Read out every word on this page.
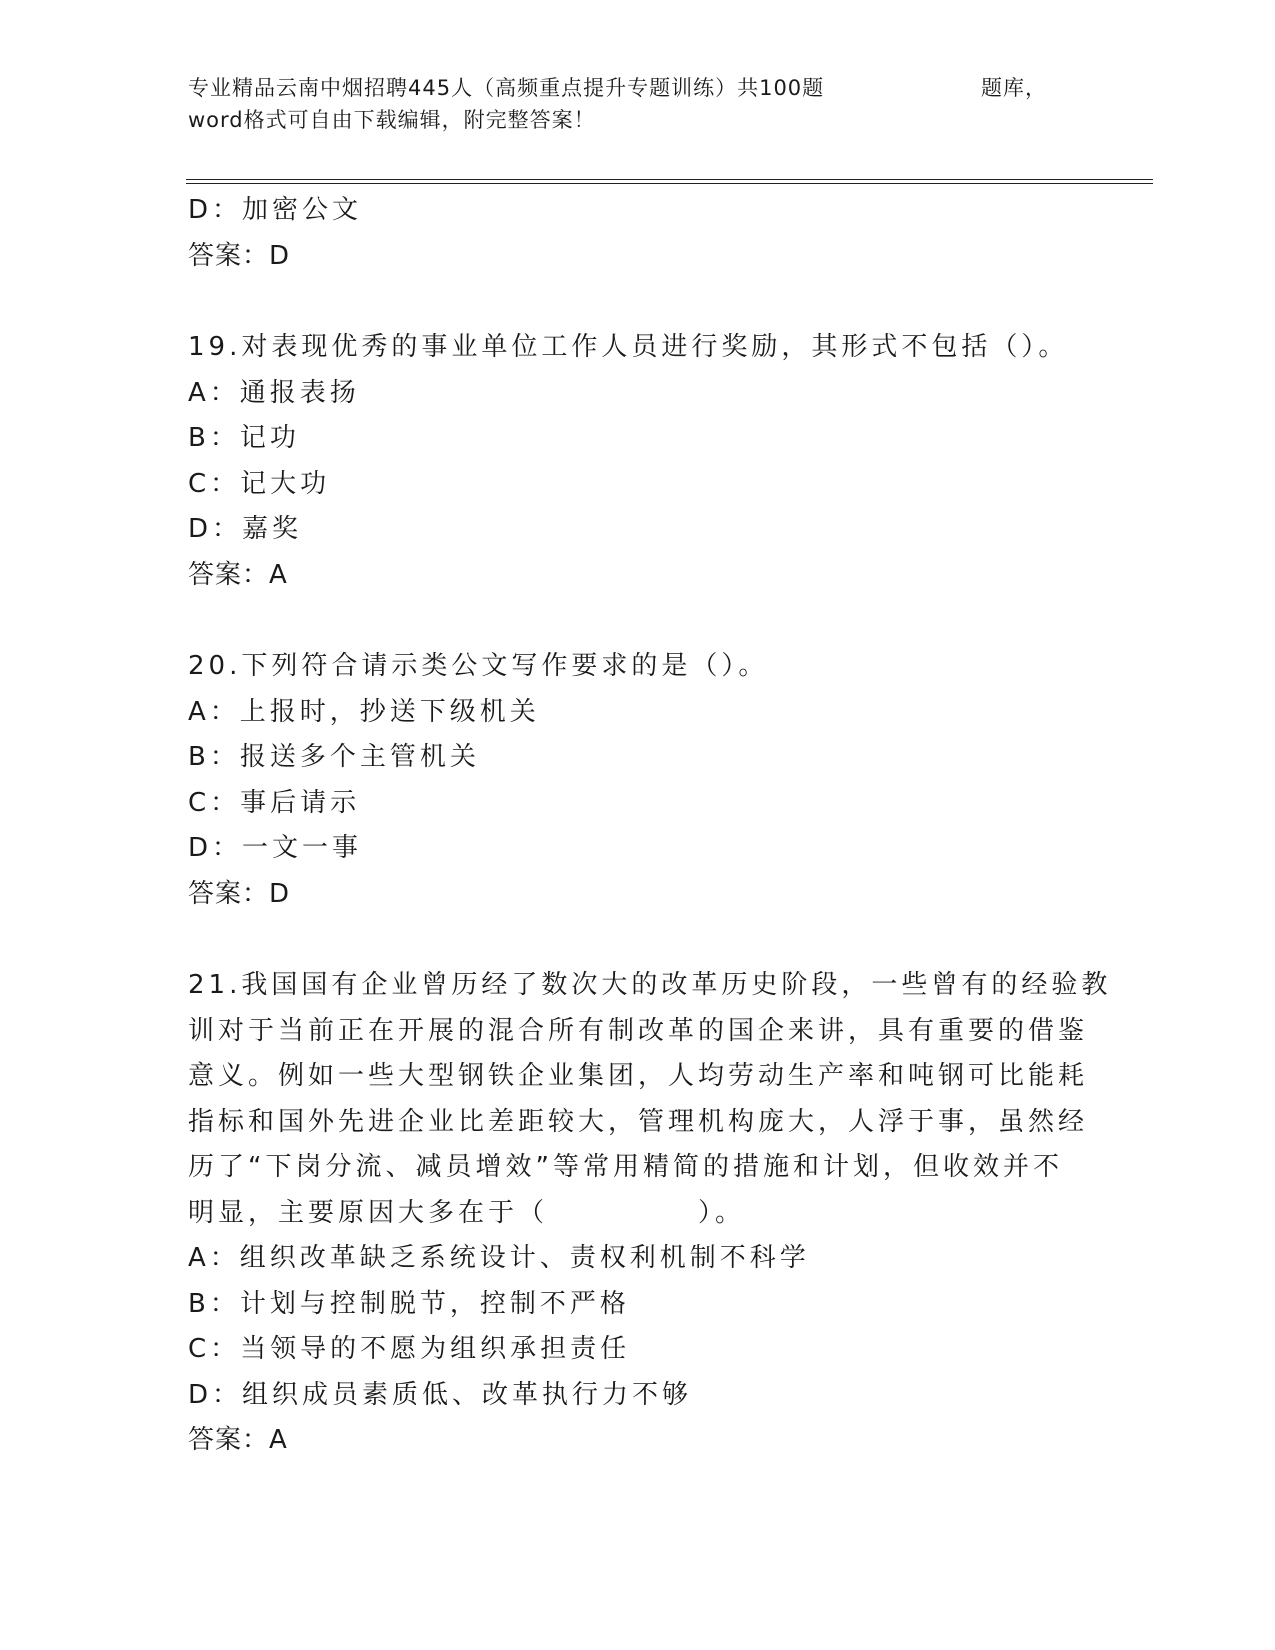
专业精品云南中烟招聘445人（高频重点提升专题训练）共100题	题库，
word格式可自由下载编辑，附完整答案！
D：加密公文
答案：D
19.对表现优秀的事业单位工作人员进行奖励，其形式不包括（）。
A：通报表扬
B：记功
C：记大功
D：嘉奖
答案：A
20.下列符合请示类公文写作要求的是（）。
A：上报时，抄送下级机关
B：报送多个主管机关
C：事后请示
D：一文一事
答案：D
21.我国国有企业曾历经了数次大的改革历史阶段，一些曾有的经验教
训对于当前正在开展的混合所有制改革的国企来讲，具有重要的借鉴
意义。例如一些大型钢铁企业集团，人均劳动生产率和吨钢可比能耗
指标和国外先进企业比差距较大，管理机构庞大，人浮于事，虽然经
历了“下岗分流、减员增效”等常用精简的措施和计划，但收效并不
明显，主要原因大多在于（　　　　　）。
A：组织改革缺乏系统设计、责权利机制不科学
B：计划与控制脱节，控制不严格
C：当领导的不愿为组织承担责任
D：组织成员素质低、改革执行力不够
答案：A
